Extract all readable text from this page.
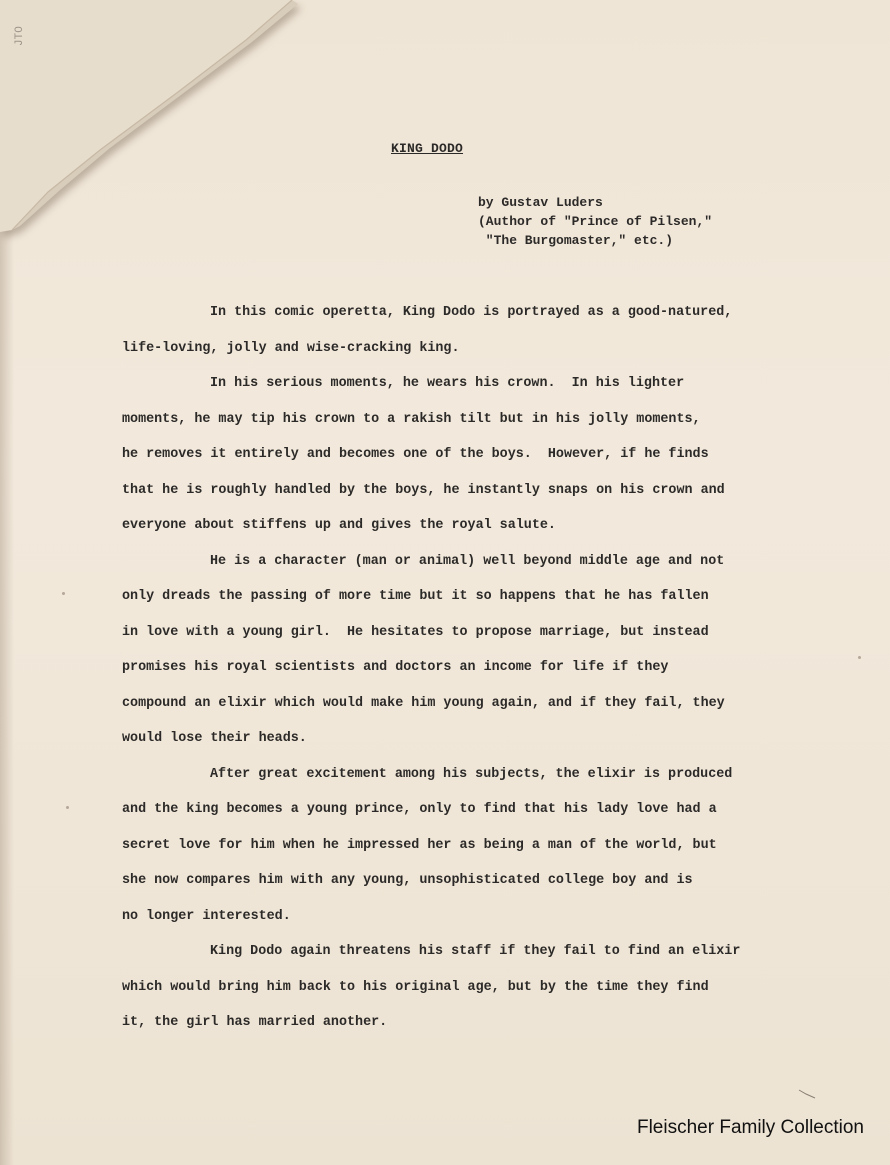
JTO
KING DODO
by Gustav Luders
(Author of "Prince of Pilsen,"
"The Burgomaster," etc.)
In this comic operetta, King Dodo is portrayed as a good-natured,
life-loving, jolly and wise-cracking king.
In his serious moments, he wears his crown.  In his lighter
moments, he may tip his crown to a rakish tilt but in his jolly moments,
he removes it entirely and becomes one of the boys.  However, if he finds
that he is roughly handled by the boys, he instantly snaps on his crown and
everyone about stiffens up and gives the royal salute.
He is a character (man or animal) well beyond middle age and not
only dreads the passing of more time but it so happens that he has fallen
in love with a young girl.  He hesitates to propose marriage, but instead
promises his royal scientists and doctors an income for life if they
compound an elixir which would make him young again, and if they fail, they
would lose their heads.
After great excitement among his subjects, the elixir is produced
and the king becomes a young prince, only to find that his lady love had a
secret love for him when he impressed her as being a man of the world, but
she now compares him with any young, unsophisticated college boy and is
no longer interested.
King Dodo again threatens his staff if they fail to find an elixir
which would bring him back to his original age, but by the time they find
it, the girl has married another.
Fleischer Family Collection
